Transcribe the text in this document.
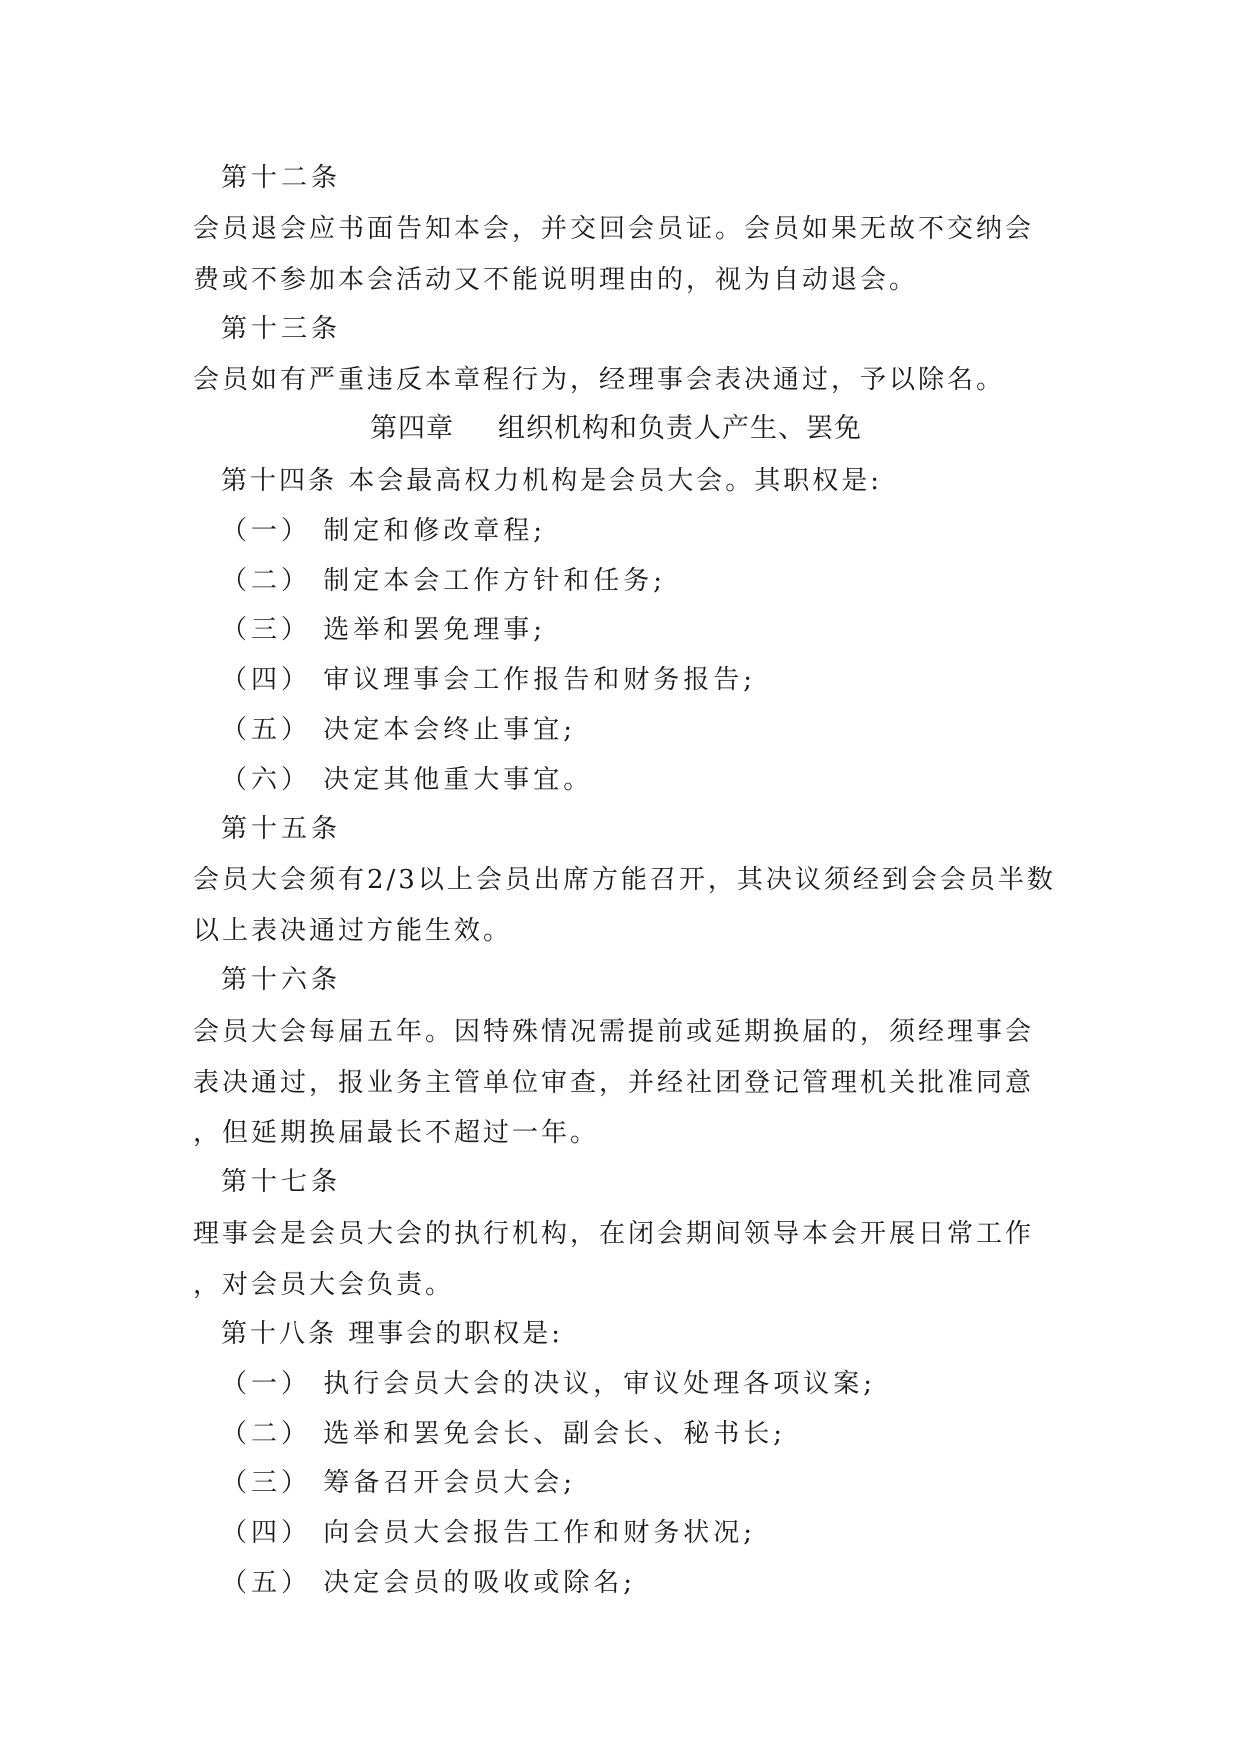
第十二条
会员退会应书面告知本会，并交回会员证。会员如果无故不交纳会
费或不参加本会活动又不能说明理由的，视为自动退会。
第十三条
会员如有严重违反本章程行为，经理事会表决通过，予以除名。
第四章 组织机构和负责人产生、罢免
第十四条 本会最高权力机构是会员大会。其职权是:
（一） 制定和修改章程;
（二） 制定本会工作方针和任务;
（三） 选举和罢免理事;
（四） 审议理事会工作报告和财务报告;
（五） 决定本会终止事宜;
（六） 决定其他重大事宜。
第十五条
会员大会须有2/3以上会员出席方能召开，其决议须经到会会员半数
以上表决通过方能生效。
第十六条
会员大会每届五年。因特殊情况需提前或延期换届的，须经理事会
表决通过，报业务主管单位审查，并经社团登记管理机关批准同意
，但延期换届最长不超过一年。
第十七条
理事会是会员大会的执行机构，在闭会期间领导本会开展日常工作
，对会员大会负责。
第十八条 理事会的职权是:
（一） 执行会员大会的决议，审议处理各项议案;
（二） 选举和罢免会长、副会长、秘书长;
（三） 筹备召开会员大会;
（四） 向会员大会报告工作和财务状况;
（五） 决定会员的吸收或除名;
